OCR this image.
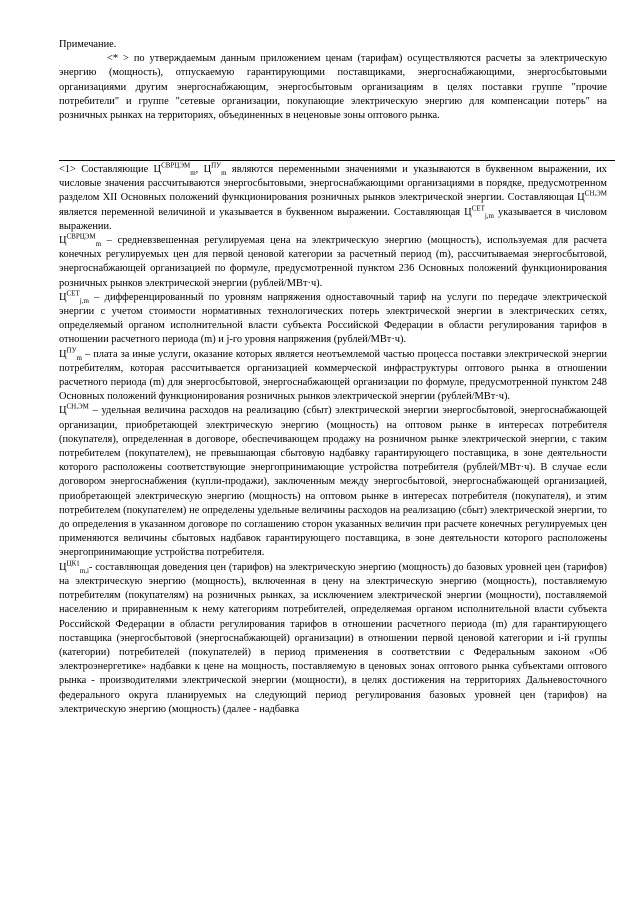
Примечание.

<* > по утверждаемым данным приложением ценам (тарифам) осуществляются расчеты за электрическую энергию (мощность), отпускаемую гарантирующими поставщиками, энергоснабжающими, энергосбытовыми организациями другим энергоснабжающим, энергосбытовым организациям в целях поставки группе "прочие потребители" и группе "сетевые организации, покупающие электрическую энергию для компенсации потерь" на розничных рынках на территориях, объединенных в неценовые зоны оптового рынка.

<1> Составляющие $Ц^{СВРЦЭМ}_m$, $Ц^{ПУ}_m$ являются переменными значениями и указываются в буквенном выражении, их числовые значения рассчитываются энергосбытовыми, энергоснабжающими организациями в порядке, предусмотренном разделом XII Основных положений функционирования розничных рынков электрической энергии. Составляющая $Ц^{СН,ЭМ}$ является переменной величиной и указывается в буквенном выражении. Составляющая $Ц^{СЕТ}_{j,m}$ указывается в числовом выражении.

$Ц^{СВРЦЭМ}_m$ – средневзвешенная регулируемая цена на электрическую энергию (мощность), используемая для расчета конечных регулируемых цен для первой ценовой категории за расчетный период (m), рассчитываемая энергосбытовой, энергоснабжающей организацией по формуле, предусмотренной пунктом 236 Основных положений функционирования розничных рынков электрической энергии (рублей/МВт·ч).

$Ц^{СЕТ}_{j,m}$ – дифференцированный по уровням напряжения одноставочный тариф на услуги по передаче электрической энергии с учетом стоимости нормативных технологических потерь электрической энергии в электрических сетях, определяемый органом исполнительной власти субъекта Российской Федерации в области регулирования тарифов в отношении расчетного периода (m) и j-го уровня напряжения (рублей/МВт·ч).

$Ц^{ПУ}_m$ – плата за иные услуги, оказание которых является неотъемлемой частью процесса поставки электрической энергии потребителям, которая рассчитывается организацией коммерческой инфраструктуры оптового рынка в отношении расчетного периода (m) для энергосбытовой, энергоснабжающей организации по формуле, предусмотренной пунктом 248 Основных положений функционирования розничных рынков электрической энергии (рублей/МВт·ч).

$Ц^{СН,ЭМ}$ – удельная величина расходов на реализацию (сбыт) электрической энергии энергосбытовой, энергоснабжающей организации, приобретающей электрическую энергию (мощность) на оптовом рынке в интересах потребителя (покупателя), определенная в договоре, обеспечивающем продажу на розничном рынке электрической энергии, с таким потребителем (покупателем), не превышающая сбытовую надбавку гарантирующего поставщика, в зоне деятельности которого расположены соответствующие энергопринимающие устройства потребителя (рублей/МВт·ч). В случае если договором энергоснабжения (купли-продажи), заключенным между энергосбытовой, энергоснабжающей организацией, приобретающей электрическую энергию (мощность) на оптовом рынке в интересах потребителя (покупателя), и этим потребителем (покупателем) не определены удельные величины расходов на реализацию (сбыт) электрической энергии, то до определения в указанном договоре по соглашению сторон указанных величин при расчете конечных регулируемых цен применяются величины сбытовых надбавок гарантирующего поставщика, в зоне деятельности которого расположены энергопринимающие устройства потребителя.

$Ц^{ЦК1}_{m,i}-$ составляющая доведения цен (тарифов) на электрическую энергию (мощность) до базовых уровней цен (тарифов) на электрическую энергию (мощность), включенная в цену на электрическую энергию (мощность), поставляемую потребителям (покупателям) на розничных рынках, за исключением электрической энергии (мощности), поставляемой населению и приравненным к нему категориям потребителей, определяемая органом исполнительной власти субъекта Российской Федерации в области регулирования тарифов в отношении расчетного периода (m) для гарантирующего поставщика (энергосбытовой (энергоснабжающей) организации) в отношении первой ценовой категории и i-й группы (категории) потребителей (покупателей) в период применения в соответствии с Федеральным законом «Об электроэнергетике» надбавки к цене на мощность, поставляемую в ценовых зонах оптового рынка субъектами оптового рынка - производителями электрической энергии (мощности), в целях достижения на территориях Дальневосточного федерального округа планируемых на следующий период регулирования базовых уровней цен (тарифов) на электрическую энергию (мощность) (далее - надбавка
